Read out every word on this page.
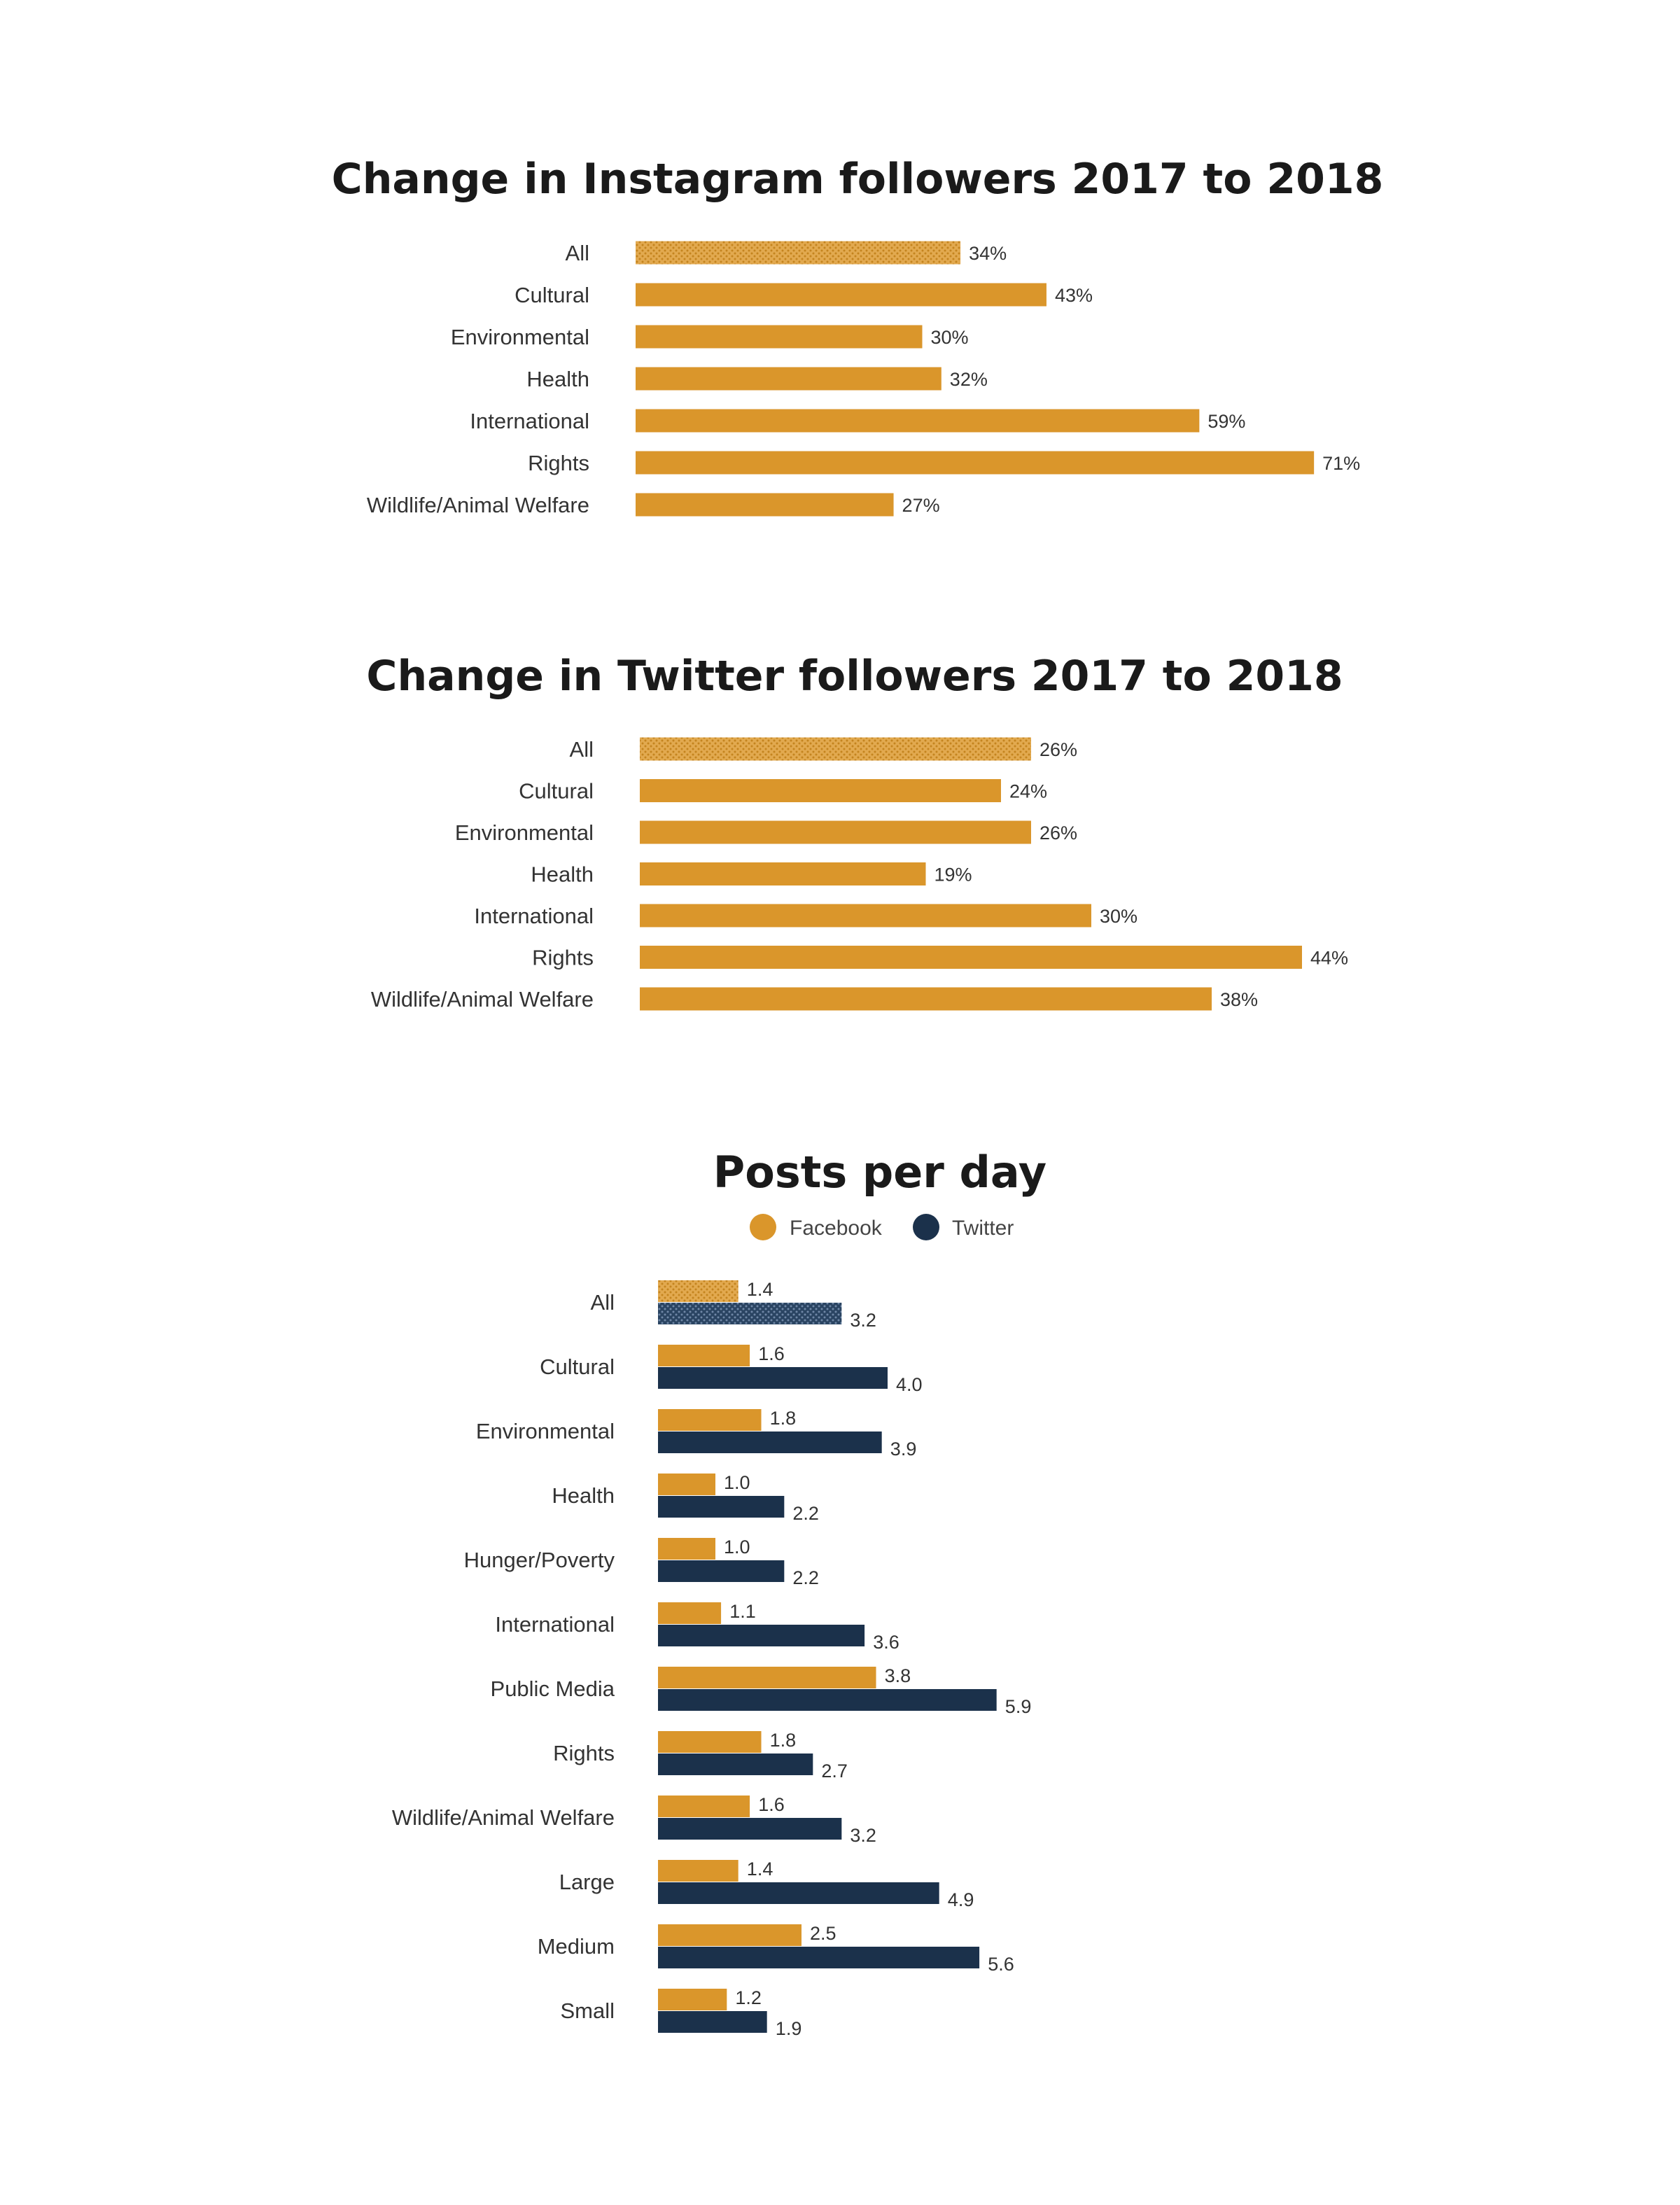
Change in Instagram followers 2017 to 2018
All	34%
Cultural	43%
Environmental	30%
Health	32%
International	59%
Rights	71%
Wildlife/Animal Welfare	27%
Change in Twitter followers 2017 to 2018
All	26%
Cultural	24%
Environmental	26%
Health	19%
International	30%
Rights	44%
Wildlife/Animal Welfare	38%
Posts per day
Facebook	Twitter
All
1.4
3.2
Cultural
1.6
4.0
Environmental
1.8
3.9
Health
1.0
2.2
Hunger/Poverty
1.0
2.2
International
1.1
3.6
Public Media
3.8
5.9
Rights
1.8
2.7
Wildlife/Animal Welfare
1.6
3.2
Large
1.4
4.9
Medium
2.5
5.6
Small
1.2
1.9
